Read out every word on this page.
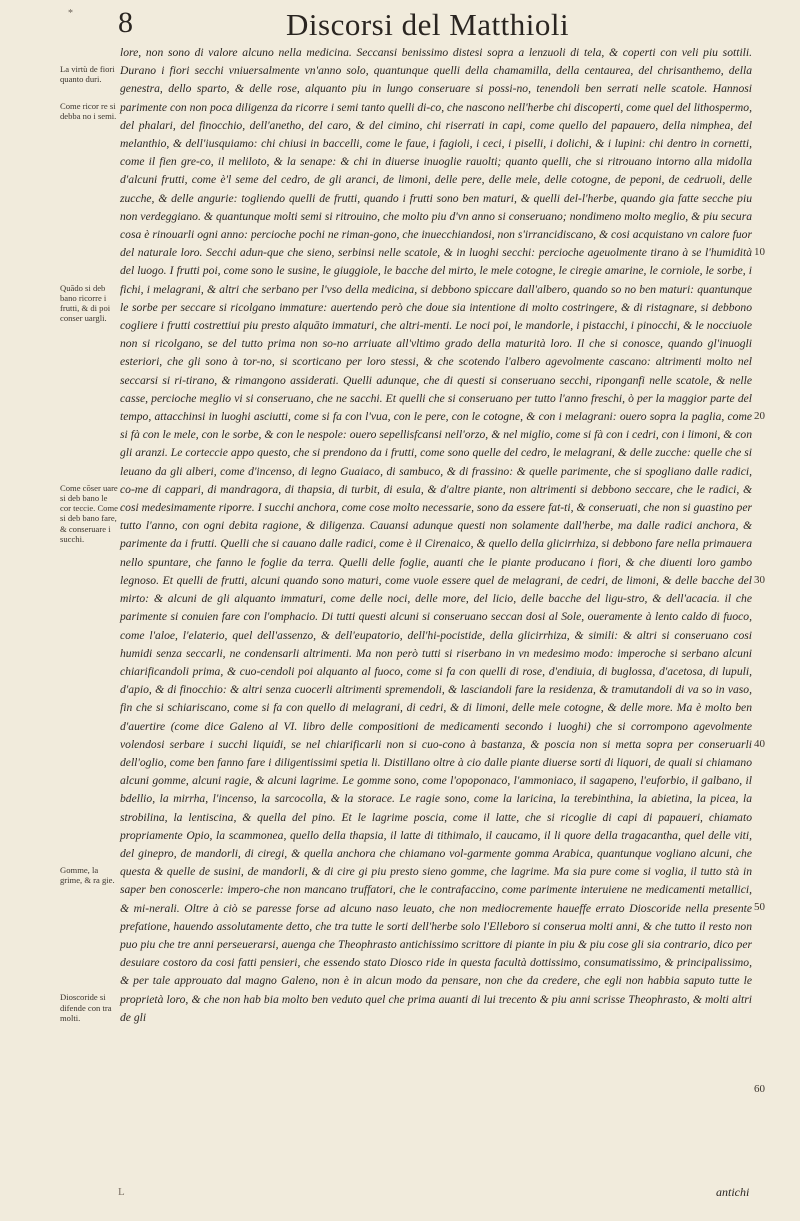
8	Discorsi del Matthioli
*

lore, non sono di valore alcuno nella medicina. Seccansi benissimo distesi sopra a lenzuoli di tela, & coperti con veli piu sottili. Durano i fiori secchi vniuersalmente vn'anno solo, quantunque quelli della chamamilla, della centaurea, del chrisanthemo, della genestra, dello sparto, & delle rose, alquanto piu in lungo conseruare si possi-no, tenendoli ben serrati nelle scatole. Hannosi parimente con non poca diligenza da ricorre i semi tanto quelli di-co, che nascono nell'herbe chi discoperti, come quel del lithospermo, del phalari, del finocchio, dell'anetho, del caro, & del cimino, chi riserrati in capi, come quello del papauero, della nimphea, del melanthio, & dell'iusquiamo: chi chiusi in baccelli, come le faue, i fagioli, i ceci, i piselli, i dolichi, & i lupini: chi dentro in cornetti, come il fien gre-co, il meliloto, & la senape: & chi in diuerse inuoglie rauolti; quanto quelli, che si ritrouano intorno alla midolla d'alcuni frutti, come è'l seme del cedro, de gli aranci, de limoni, delle pere, delle mele, delle cotogne, de peponi, de cedruoli, delle zucche, & delle angurie: togliendo quelli de frutti, quando i frutti sono ben maturi, & quelli del-l'herbe, quando gia fatte secche piu non verdeggiano. & quantunque molti semi si ritrouino, che molto piu d'vn anno si conseruano; nondimeno molto meglio, & piu secura cosa è rinouarli ogni anno: percioche pochi ne riman-gono, che inuecchiandosi, non s'irrancidiscano, & cosi acquistano vn calore fuor del naturale loro. Secchi adun-que che sieno, serbinsi nelle scatole, & in luoghi secchi: percioche ageuolmente tirano à se l'humidità del luogo. I frutti poi, come sono le susine, le giuggiole, le bacche del mirto, le mele cotogne, le ciregie amarine, le corniole, le sorbe, i fichi, i melagrani, & altri che serbano per l'vso della medicina, si debbono spiccare dall'albero, quando so no ben maturi: quantunque le sorbe per seccare si ricolgano immature: auertendo però che doue sia intentione di molto costringere, & di ristagnare, si debbono cogliere i frutti costrettiui piu presto alquāto immaturi, che altri-menti. Le noci poi, le mandorle, i pistacchi, i pinocchi, & le nocciuole non si ricolgano, se del tutto prima non so-no arriuate all'vltimo grado della maturità loro. Il che si conosce, quando gl'inuogli esteriori, che gli sono à tor-no, si scorticano per loro stessi, & che scotendo l'albero agevolmente cascano: altrimenti molto nel seccarsi si ri-tirano, & rimangono assiderati. Quelli adunque, che di questi si conseruano secchi, riponganfi nelle scatole, & nelle casse, percioche meglio vi si conseruano, che ne sacchi. Et quelli che si conseruano per tutto l'anno freschi, ò per la maggior parte del tempo, attacchinsi in luoghi asciutti, come si fa con l'vua, con le pere, con le cotogne, & con i melagrani: ouero sopra la paglia, come si fà con le mele, con le sorbe, & con le nespole: ouero sepellisfcansi nell'orzo, & nel miglio, come si fà con i cedri, con i limoni, & con gli aranzi. Le corteccie appo questo, che si prendono da i frutti, come sono quelle del cedro, le melagrani, & delle zucche: quelle che si leuano da gli alberi, come d'incenso, di legno Guaiaco, di sambuco, & di frassino: & quelle parimente, che si spogliano dalle radici, co-me di cappari, di mandragora, di thapsia, di turbit, di esula, & d'altre piante, non altrimenti si debbono seccare, che le radici, & cosi medesimamente riporre. I succhi anchora, come cose molto necessarie, sono da essere fat-ti, & conseruati, che non si guastino per tutto l'anno, con ogni debita ragione, & diligenza. Cauansi adunque questi non solamente dall'herbe, ma dalle radici anchora, & parimente da i frutti. Quelli che si cauano dalle radici, come è il Cirenaico, & quello della glicirrhiza, si debbono fare nella primauera nello spuntare, che fanno le foglie da terra. Quelli delle foglie, auanti che le piante producano i fiori, & che diuenti loro gambo legnoso. Et quelli de frutti, alcuni quando sono maturi, come vuole essere quel de melagrani, de cedri, de limoni, & delle bacche del mirto: & alcuni de gli alquanto immaturi, come delle noci, delle more, del licio, delle bacche del ligu-stro, & dell'acacia. il che parimente si conuien fare con l'omphacio. Di tutti questi alcuni si conseruano seccan dosi al Sole, oueramente à lento caldo di fuoco, come l'aloe, l'elaterio, quel dell'assenzo, & dell'eupatorio, dell'hi-pocistide, della glicirrhiza, & simili: & altri si conseruano cosi humidi senza seccarli, ne condensarli altrimenti. Ma non però tutti si riserbano in vn medesimo modo: imperoche si serbano alcuni chiarificandoli prima, & cuo-cendoli poi alquanto al fuoco, come si fa con quelli di rose, d'endiuia, di buglossa, d'acetosa, di lupuli, d'apio, & di finocchio: & altri senza cuocerli altrimenti spremendoli, & lasciandoli fare la residenza, & tramutandoli di va so in vaso, fin che si schiariscano, come si fa con quello di melagrani, di cedri, & di limoni, delle mele cotogne, & delle more. Ma è molto ben d'auertire (come dice Galeno al VI. libro delle compositioni de medicamenti secondo i luoghi) che si corrompono agevolmente volendosi serbare i succhi liquidi, se nel chiarificarli non si cuo-cono à bastanza, & poscia non si metta sopra per conseruarli dell'oglio, come ben fanno fare i diligentissimi spetia li. Distillano oltre à cio dalle piante diuerse sorti di liquori, de quali si chiamano alcuni gomme, alcuni ragie, & alcuni lagrime. Le gomme sono, come l'opoponaco, l'ammoniaco, il sagapeno, l'euforbio, il galbano, il bdellio, la mirrha, l'incenso, la sarcocolla, & la storace. Le ragie sono, come la laricina, la terebinthina, la abietina, la picea, la strobilina, la lentiscina, & quella del pino. Et le lagrime poscia, come il latte, che si ricoglie di capi di papaueri, chiamato propriamente Opio, la scammonea, quello della thapsia, il latte di tithimalo, il caucamo, il li quore della tragacantha, quel delle viti, del ginepro, de mandorli, di ciregi, & quella anchora che chiamano vol-garmente gomma Arabica, quantunque vogliano alcuni, che questa & quelle de susini, de mandorli, & di cire gi piu presto sieno gomme, che lagrime. Ma sia pure come si voglia, il tutto stà in saper ben conoscerle: impero-che non mancano truffatori, che le contrafaccino, come parimente interuiene ne medicamenti metallici, & mi-nerali. Oltre à ciò se paresse forse ad alcuno naso leuato, che non mediocremente haueffe errato Dioscoride nella presente prefatione, hauendo assolutamente detto, che tra tutte le sorti dell'herbe solo l'Elleboro si conserua molti anni, & che tutto il resto non puo piu che tre anni perseuerarsi, auenga che Theophrasto antichissimo scrittore di piante in piu & piu cose gli sia contrario, dico per desuiare costoro da cosi fatti pensieri, che essendo stato Diosco ride in questa facultà dottissimo, consumatissimo, & principalissimo, & per tale approuato dal magno Galeno, non è in alcun modo da pensare, non che da credere, che egli non habbia saputo tutte le proprietà loro, & che non hab bia molto ben veduto quel che prima auanti di lui trecento & piu anni scrisse Theophrasto, & molti altri de gli

La virtù de fiori quanto duri.
Come ricor re si debba no i semi.
Quādo si deb bano ricorre i frutti, & di poi conser uargli.
Come cōser uare si deb bano le cor teccie. Come si deb bano fare, & conseruare i succhi.
Gomme, la grime, & ra gie.
Dioscoride si difende con tra molti.
10
20
30
40
50
60
L	antichi
